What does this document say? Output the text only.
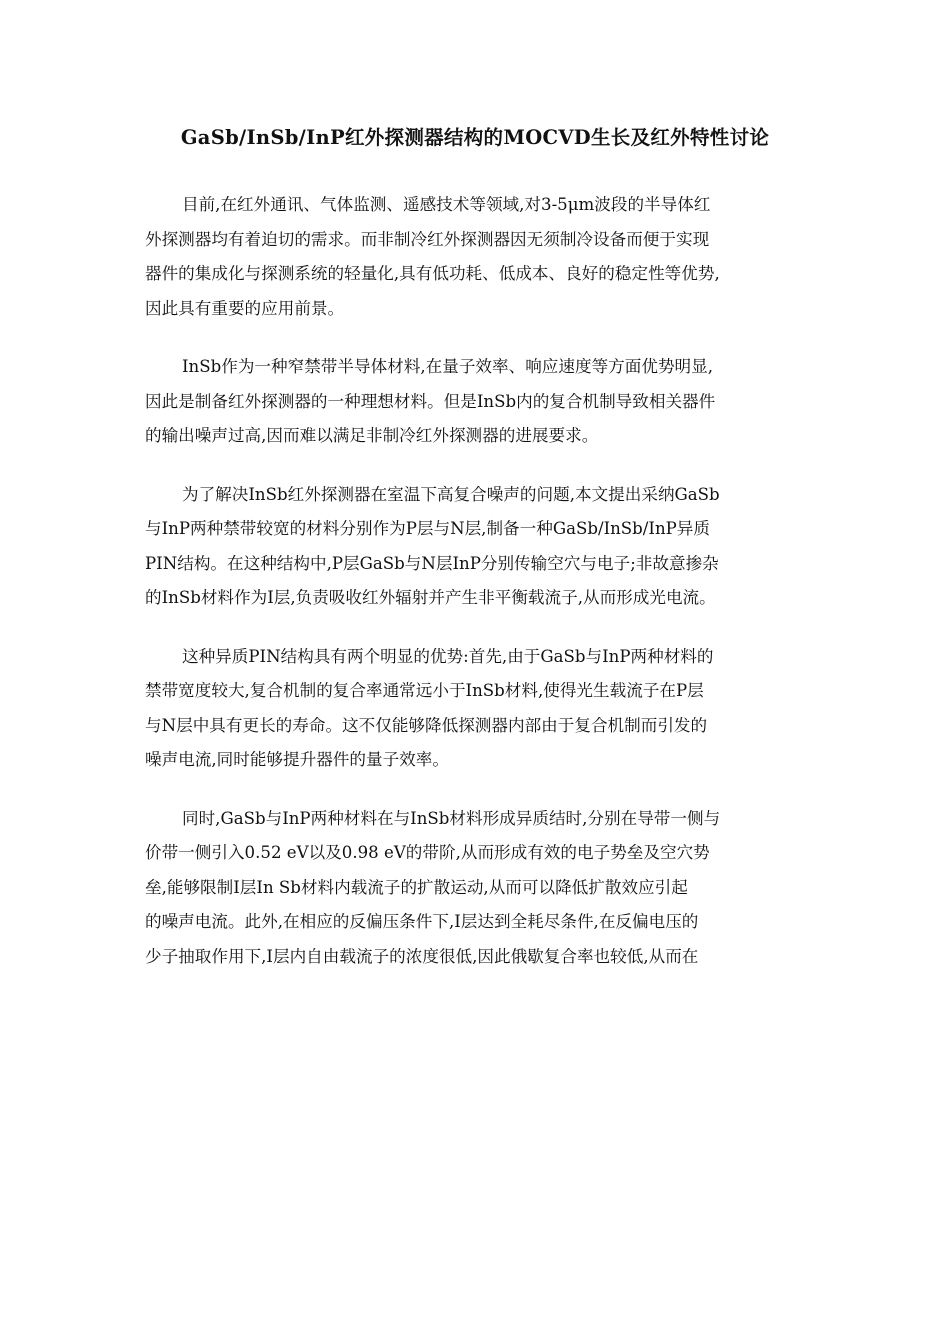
GaSb/InSb/InP红外探测器结构的MOCVD生长及红外特性讨论
目前,在红外通讯、气体监测、遥感技术等领域,对3-5μm波段的半导体红
外探测器均有着迫切的需求。而非制冷红外探测器因无须制冷设备而便于实现
器件的集成化与探测系统的轻量化,具有低功耗、低成本、良好的稳定性等优势,
因此具有重要的应用前景。
InSb作为一种窄禁带半导体材料,在量子效率、响应速度等方面优势明显,
因此是制备红外探测器的一种理想材料。但是InSb内的复合机制导致相关器件
的输出噪声过高,因而难以满足非制冷红外探测器的进展要求。
为了解决InSb红外探测器在室温下高复合噪声的问题,本文提出采纳GaSb
与InP两种禁带较宽的材料分别作为P层与N层,制备一种GaSb/InSb/InP异质
PIN结构。在这种结构中,P层GaSb与N层InP分别传输空穴与电子;非故意掺杂
的InSb材料作为I层,负责吸收红外辐射并产生非平衡载流子,从而形成光电流。
这种异质PIN结构具有两个明显的优势:首先,由于GaSb与InP两种材料的
禁带宽度较大,复合机制的复合率通常远小于InSb材料,使得光生载流子在P层
与N层中具有更长的寿命。这不仅能够降低探测器内部由于复合机制而引发的
噪声电流,同时能够提升器件的量子效率。
同时,GaSb与InP两种材料在与InSb材料形成异质结时,分别在导带一侧与
价带一侧引入0.52 eV以及0.98 eV的带阶,从而形成有效的电子势垒及空穴势
垒,能够限制I层In Sb材料内载流子的扩散运动,从而可以降低扩散效应引起
的噪声电流。此外,在相应的反偏压条件下,I层达到全耗尽条件,在反偏电压的
少子抽取作用下,I层内自由载流子的浓度很低,因此俄歇复合率也较低,从而在
